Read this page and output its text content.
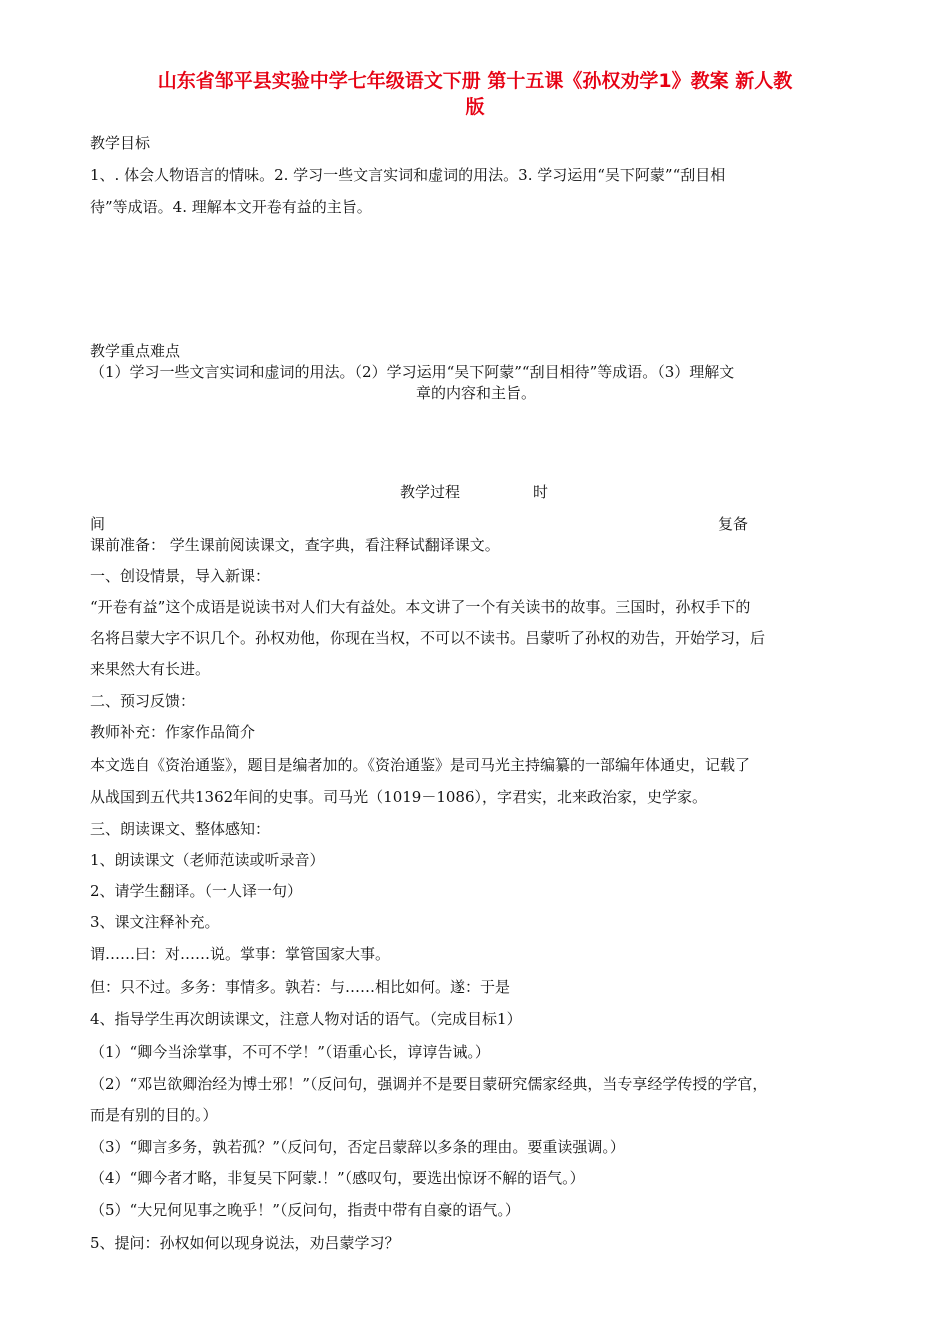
山东省邹平县实验中学七年级语文下册 第十五课《孙权劝学1》教案 新人教
版
教学目标
1、. 体会人物语言的情味。2. 学习一些文言实词和虚词的用法。3. 学习运用“吴下阿蒙”“刮目相
待”等成语。4. 理解本文开卷有益的主旨。
教学重点难点
（1）学习一些文言实词和虚词的用法。（2）学习运用“吴下阿蒙”“刮目相待”等成语。（3）理解文
章的内容和主旨。
教学过程	时
间	复备
课前准备： 学生课前阅读课文，查字典，看注释试翻译课文。
一、创设情景，导入新课：
“开卷有益”这个成语是说读书对人们大有益处。本文讲了一个有关读书的故事。三国时，孙权手下的
名将吕蒙大字不识几个。孙权劝他，你现在当权，不可以不读书。吕蒙听了孙权的劝告，开始学习，后
来果然大有长进。
二、预习反馈：
教师补充：作家作品简介
本文选自《资治通鉴》，题目是编者加的。《资治通鉴》是司马光主持编纂的一部编年体通史，记载了
从战国到五代共1362年间的史事。司马光（1019－1086），字君实，北来政治家，史学家。
三、朗读课文、整体感知：
1、朗读课文（老师范读或听录音）
2、请学生翻译。（一人译一句）
3、课文注释补充。
谓……曰：对……说。掌事：掌管国家大事。
但：只不过。多务：事情多。孰若：与……相比如何。遂：于是
4、指导学生再次朗读课文，注意人物对话的语气。（完成目标1）
（1）“卿今当涂掌事，不可不学！”（语重心长，谆谆告诫。）
（2）“邓岂欲卿治经为博士邪！”（反问句，强调并不是要目蒙研究儒家经典，当专享经学传授的学官，
而是有别的目的。）
（3）“卿言多务，孰若孤？”（反问句，否定吕蒙辞以多条的理由。要重读强调。）
（4）“卿今者才略，非复吴下阿蒙.！”（感叹句，要选出惊讶不解的语气。）
（5）“大兄何见事之晚乎！”（反问句，指责中带有自豪的语气。）
5、提问：孙权如何以现身说法，劝吕蒙学习？
